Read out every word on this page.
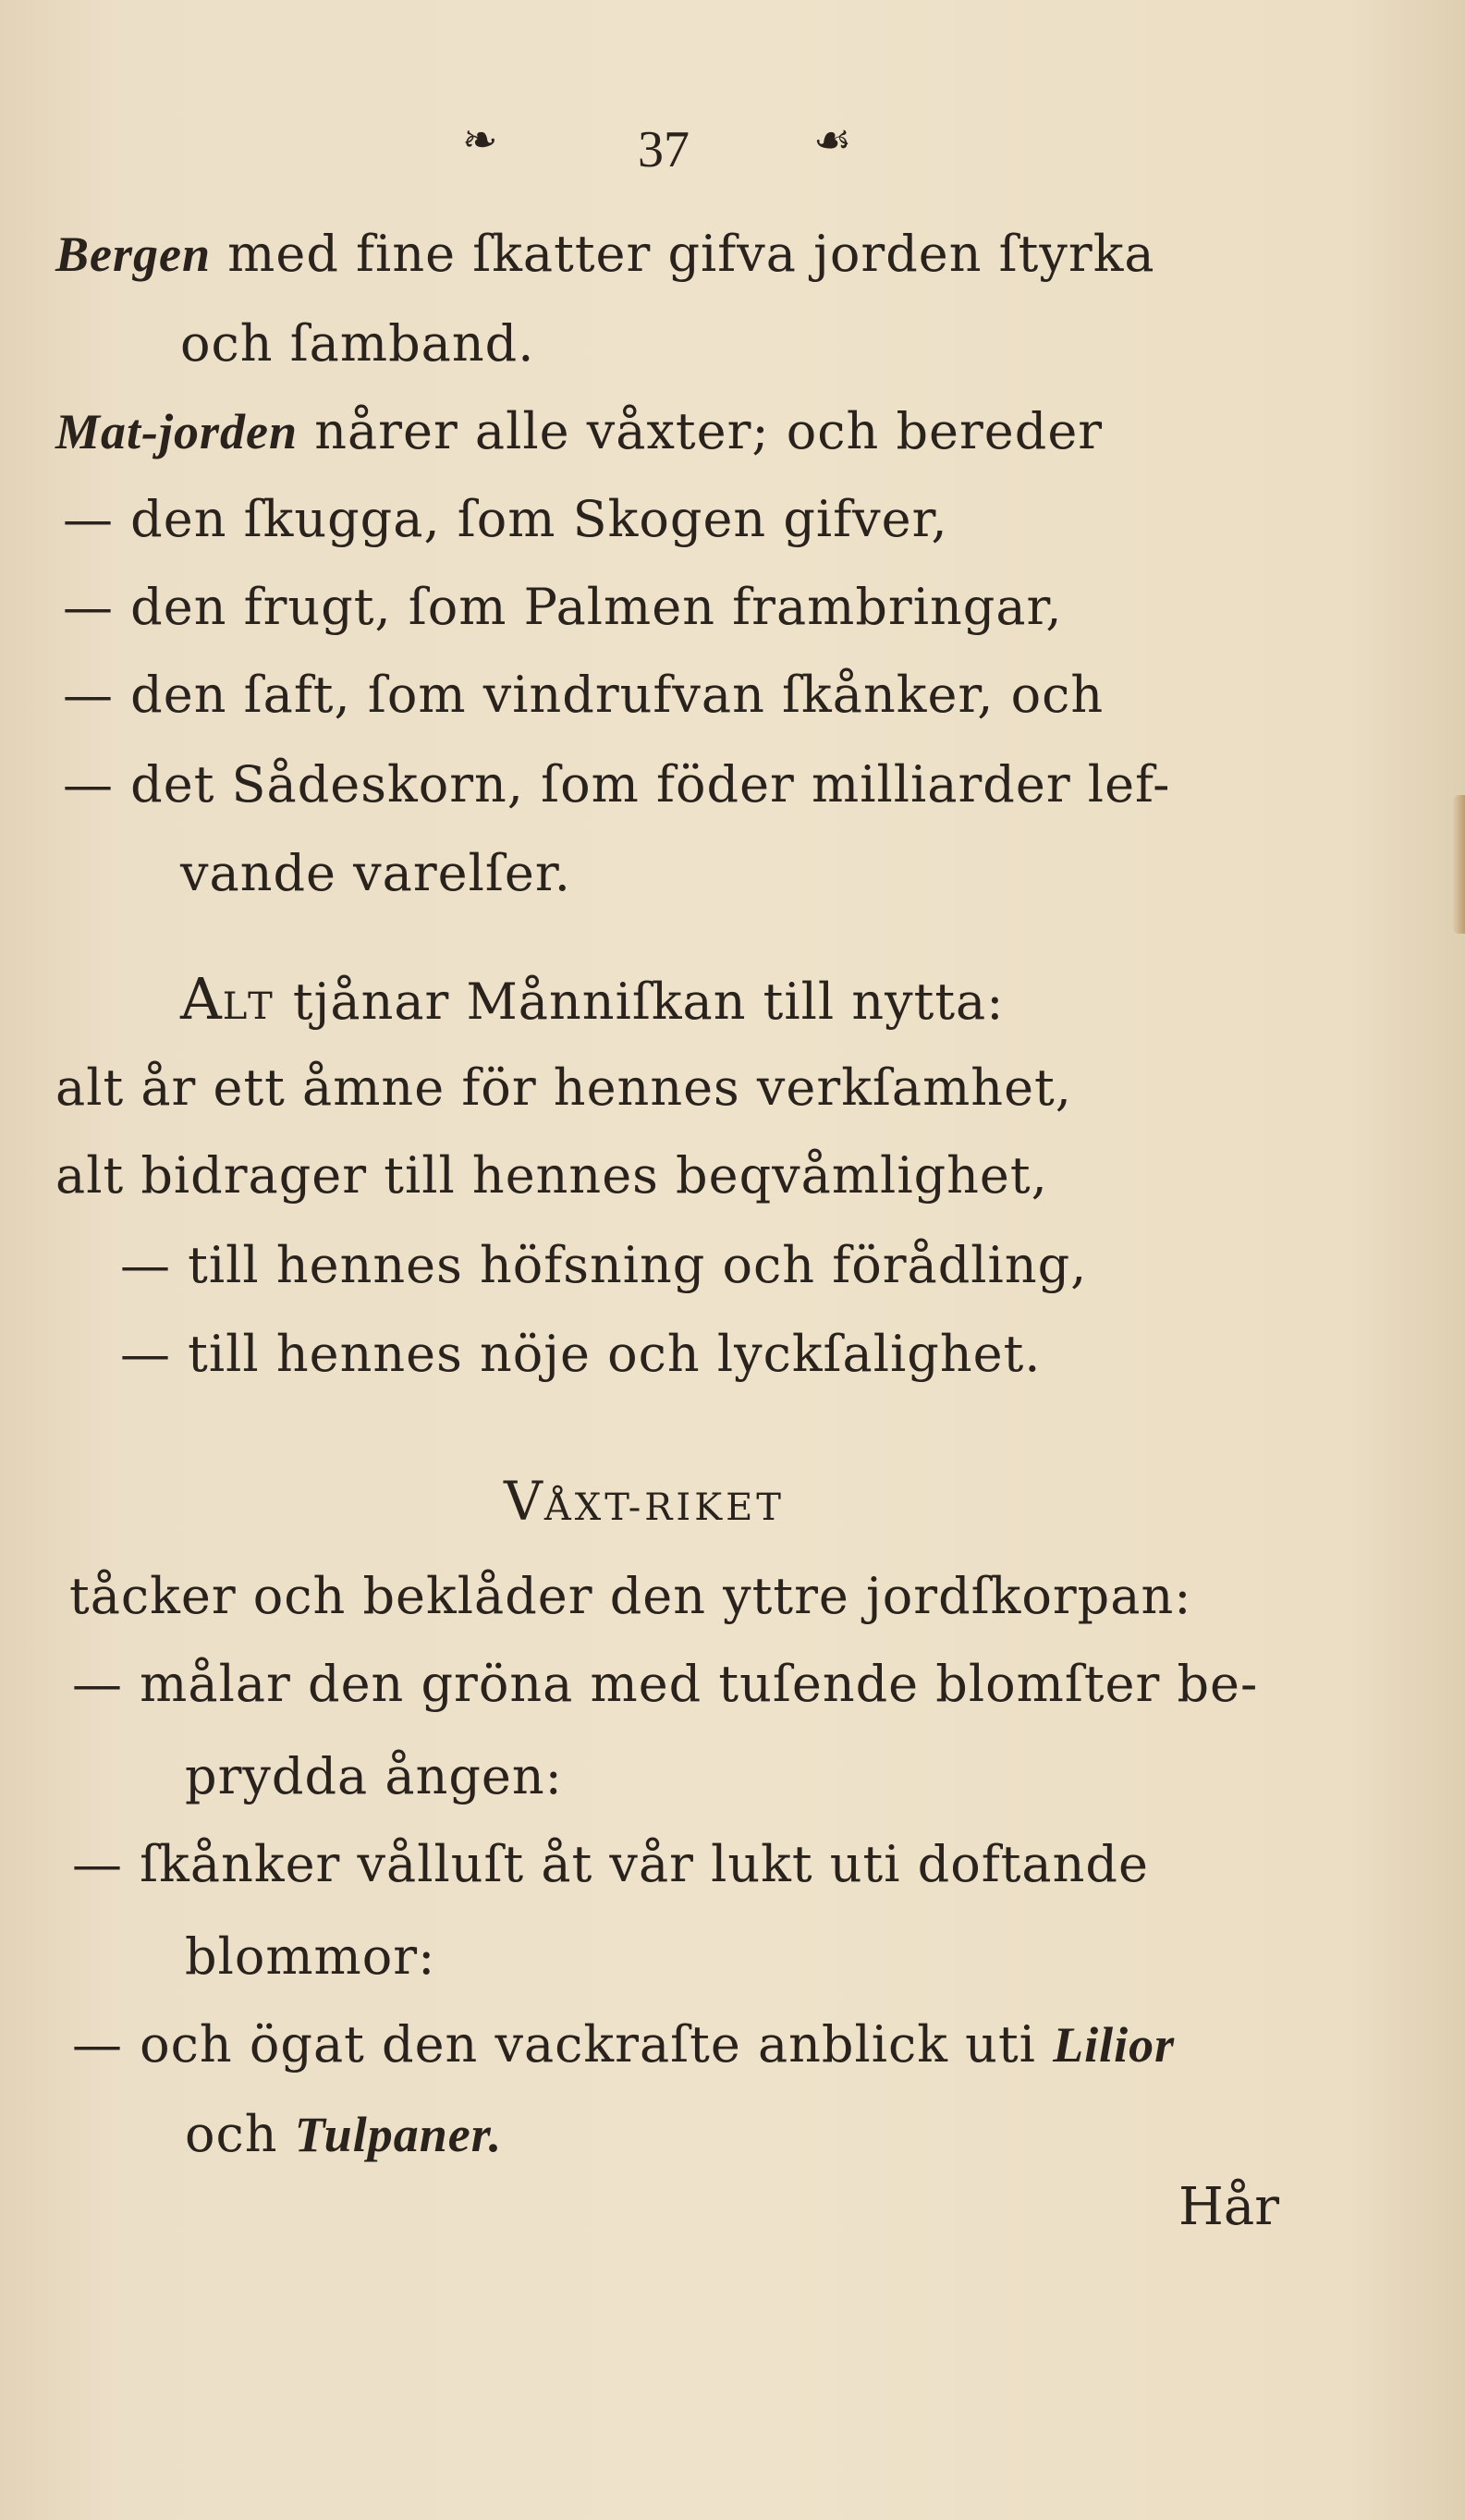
❧	37	☙
Bergen med fine ſkatter gifva jorden ſtyrka
och ſamband.
Mat-jorden nårer alle våxter; och bereder
— den ſkugga, ſom Skogen gifver,
— den frugt, ſom Palmen frambringar,
— den ſaft, ſom vindrufvan ſkånker, och
— det Sådeskorn, ſom föder milliarder lef-
vande varelſer.
ALT tjånar Månniſkan till nytta:
alt år ett åmne för hennes verkſamhet,
alt bidrager till hennes beqvåmlighet,
— till hennes höfsning och förådling,
— till hennes nöje och lyckſalighet.
VÅXT-RIKET
tåcker och beklåder den yttre jordſkorpan:
— målar den gröna med tuſende blomſter be-
prydda ången:
— ſkånker vålluſt åt vår lukt uti doftande
blommor:
— och ögat den vackraſte anblick uti Lilior
och Tulpaner.
Hår
